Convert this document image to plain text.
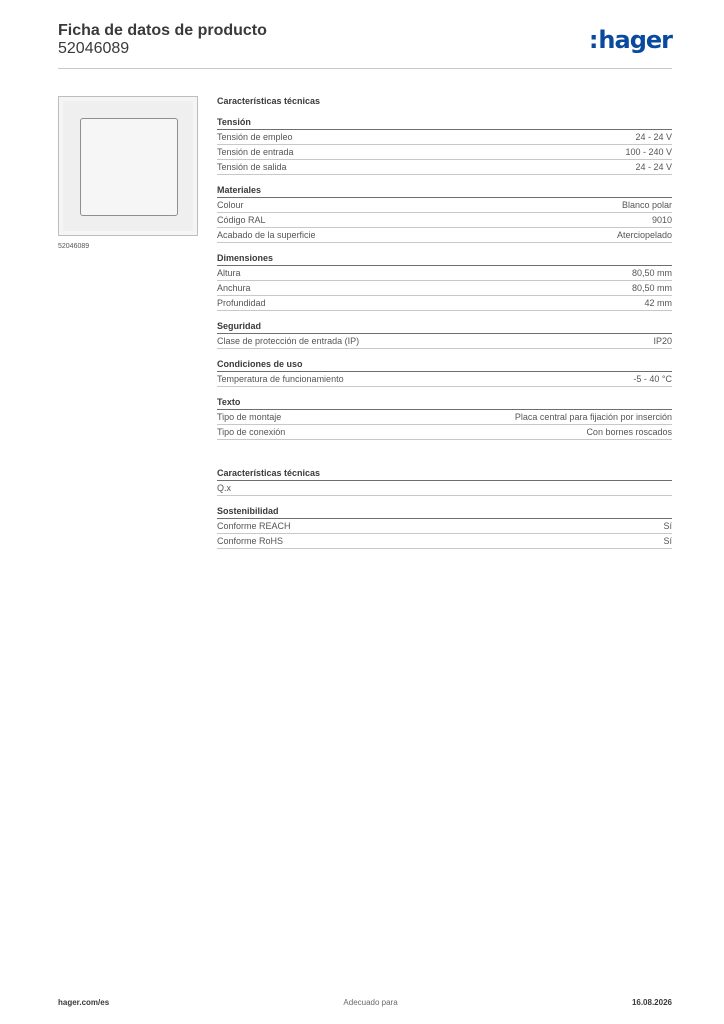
Ficha de datos de producto
52046089	:hager
52046089
Características técnicas
Tensión
Tensión de empleo	24 - 24 V
Tensión de entrada	100 - 240 V
Tensión de salida	24 - 24 V
Materiales
Colour	Blanco polar
Código RAL	9010
Acabado de la superficie	Aterciopelado
Dimensiones
Altura	80,50 mm
Anchura	80,50 mm
Profundidad	42 mm
Seguridad
Clase de protección de entrada (IP)	IP20
Condiciones de uso
Temperatura de funcionamiento	-5 - 40 °C
Texto
Tipo de montaje	Placa central para fijación por inserción
Tipo de conexión	Con bornes roscados
Características técnicas
Q.x
Sostenibilidad
Conforme REACH	Sí
Conforme RoHS	Sí
hager.com/es	Adecuado para	16.08.2026
